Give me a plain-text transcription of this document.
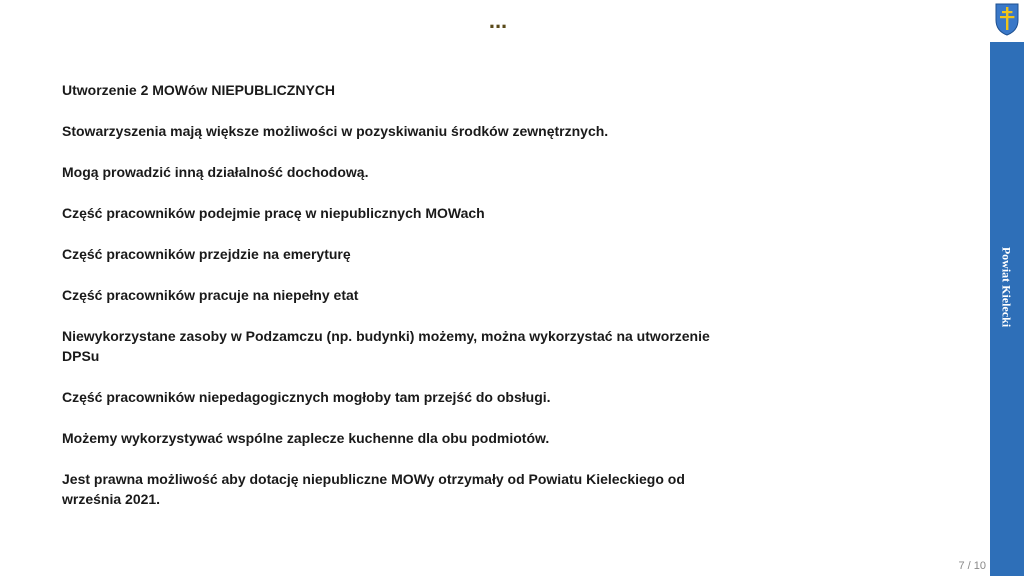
...
Utworzenie 2 MOWów NIEPUBLICZNYCH
Stowarzyszenia mają większe możliwości w pozyskiwaniu środków zewnętrznych.
Mogą prowadzić inną działalność dochodową.
Część pracowników podejmie pracę w niepublicznych MOWach
Część pracowników przejdzie na emeryturę
Część pracowników pracuje na niepełny etat
Niewykorzystane zasoby w Podzamczu (np. budynki) możemy, można wykorzystać na utworzenie
DPSu
Część pracowników niepedagogicznych mogłoby tam przejść do obsługi.
Możemy wykorzystywać wspólne zaplecze kuchenne dla obu podmiotów.
Jest prawna możliwość aby dotację niepubliczne MOWy otrzymały od Powiatu Kieleckiego od
września 2021.
Powiat Kielecki
7 / 10
